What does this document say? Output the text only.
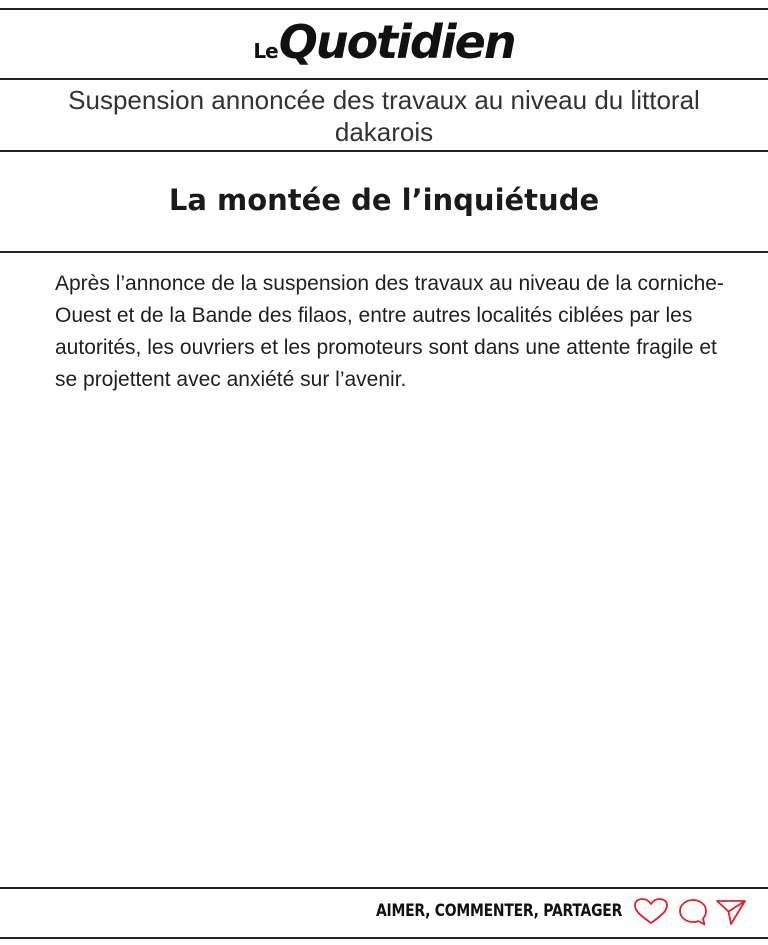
Le Quotidien
Suspension annoncée des travaux au niveau du littoral dakarois
La montée de l’inquiétude

Après l’annonce de la suspension des travaux au niveau de la corniche-Ouest et de la Bande des filaos, entre autres localités ciblées par les autorités, les ouvriers et les promoteurs sont dans une attente fragile et se projettent avec anxiété sur l’avenir.

AIMER, COMMENTER, PARTAGER
